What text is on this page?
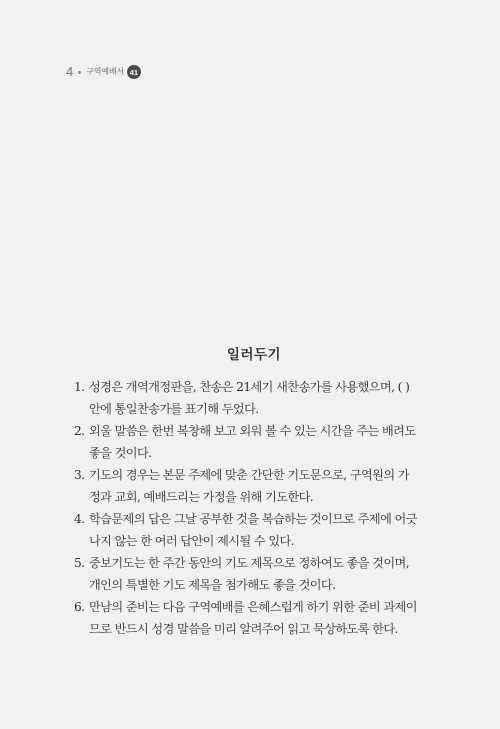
4 구역예배서 41
일러두기
1. 성경은 개역개정판을, 찬송은 21세기 새찬송가를 사용했으며, ( )
안에 통일찬송가를 표기해 두었다.
2. 외울 말씀은 한번 복창해 보고 외워 볼 수 있는 시간을 주는 배려도
좋을 것이다.
3. 기도의 경우는 본문 주제에 맞춘 간단한 기도문으로, 구역원의 가
정과 교회, 예배드리는 가정을 위해 기도한다.
4. 학습문제의 답은 그날 공부한 것을 복습하는 것이므로 주제에 어긋
나지 않는 한 여러 답안이 제시될 수 있다.
5. 중보기도는 한 주간 동안의 기도 제목으로 정하여도 좋을 것이며,
개인의 특별한 기도 제목을 첨가해도 좋을 것이다.
6. 만남의 준비는 다음 구역예배를 은혜스럽게 하기 위한 준비 과제이
므로 반드시 성경 말씀을 미리 알려주어 읽고 묵상하도록 한다.
